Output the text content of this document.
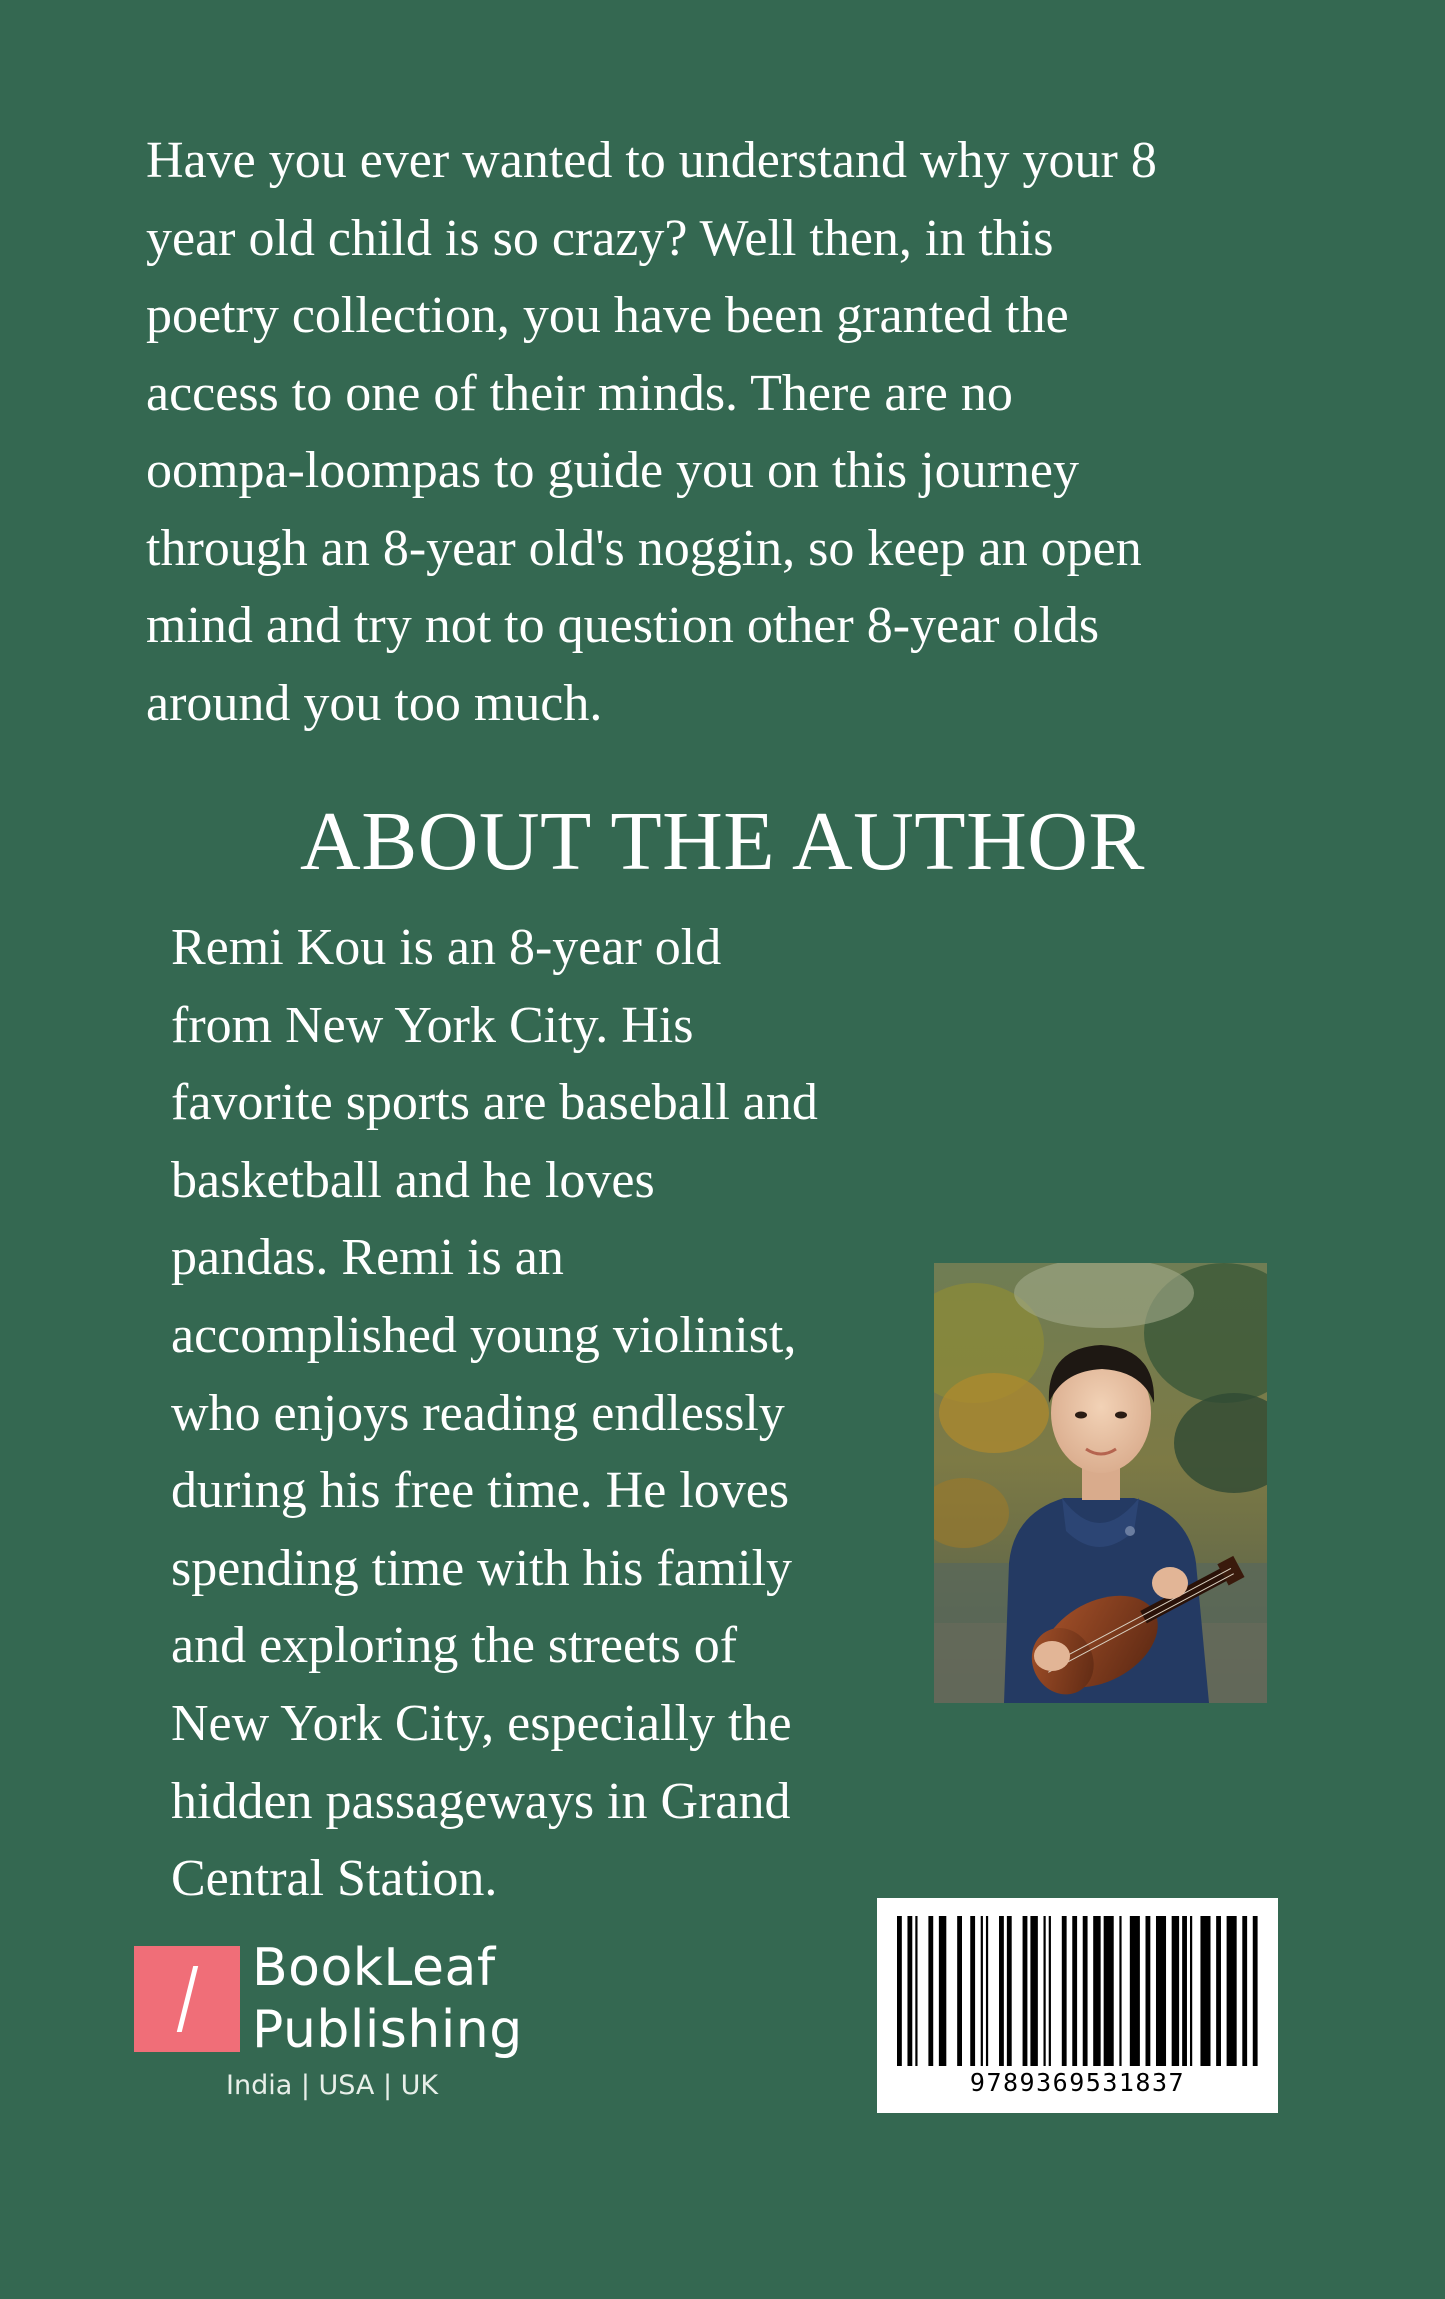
Have you ever wanted to understand why your 8
year old child is so crazy? Well then, in this
poetry collection, you have been granted the
access to one of their minds. There are no
oompa-loompas to guide you on this journey
through an 8-year old's noggin, so keep an open
mind and try not to question other 8-year olds
around you too much.

ABOUT THE AUTHOR

Remi Kou is an 8-year old
from New York City. His
favorite sports are baseball and
basketball and he loves
pandas. Remi is an
accomplished young violinist,
who enjoys reading endlessly
during his free time. He loves
spending time with his family
and exploring the streets of
New York City, especially the
hidden passageways in Grand
Central Station.

BookLeaf
Publishing

India | USA | UK	9789369531837
